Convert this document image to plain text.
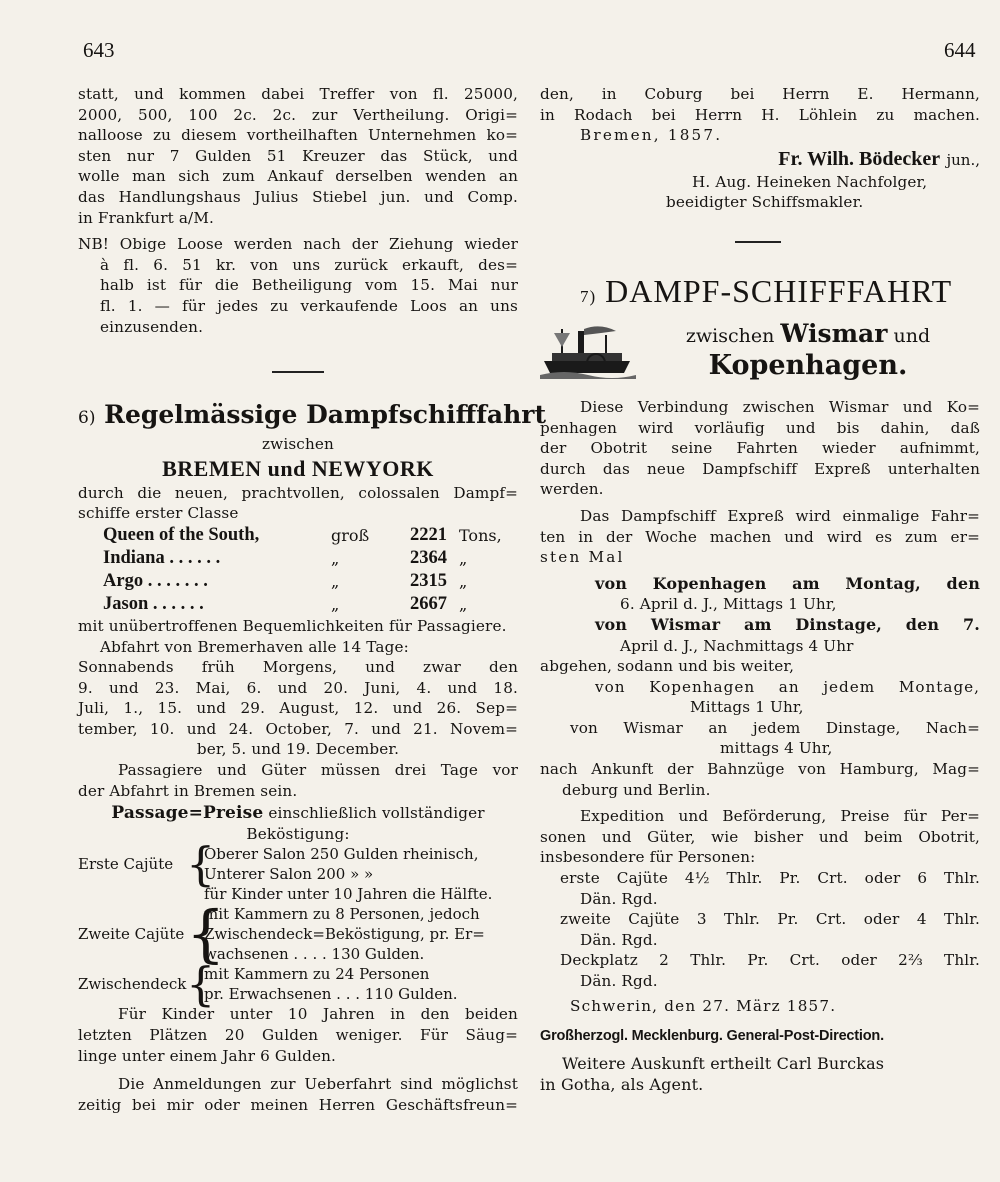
643	644
statt, und kommen dabei Treffer von fl. 25000,
2000, 500, 100 2c. 2c. zur Vertheilung. Origi=
nalloose zu diesem vortheilhaften Unternehmen ko=
sten nur 7 Gulden 51 Kreuzer das Stück, und
wolle man sich zum Ankauf derselben wenden an
das Handlungshaus Julius Stiebel jun. und Comp.
in Frankfurt a/M.
NB! Obige Loose werden nach der Ziehung wieder
à fl. 6. 51 kr. von uns zurück erkauft, des=
halb ist für die Betheiligung vom 15. Mai nur
fl. 1. — für jedes zu verkaufende Loos an uns
einzusenden.
6) Regelmässige Dampfschifffahrt
zwischen
BREMEN und NEWYORK
durch die neuen, prachtvollen, colossalen Dampf=
schiffe erster Classe
Queen of the South,	groß	2221 Tons,
Indiana . . . . . .	„	2364 „
Argo . . . . . . .	„	2315 „
Jason . . . . . .	„	2667 „
mit unübertroffenen Bequemlichkeiten für Passagiere.
Abfahrt von Bremerhaven alle 14 Tage:
Sonnabends früh Morgens, und zwar den
9. und 23. Mai, 6. und 20. Juni, 4. und 18.
Juli, 1., 15. und 29. August, 12. und 26. Sep=
tember, 10. und 24. October, 7. und 21. Novem=
ber, 5. und 19. December.
Passagiere und Güter müssen drei Tage vor
der Abfahrt in Bremen sein.
Passage=Preise einschließlich vollständiger
Beköstigung:
Erste Cajüte {
Oberer Salon 250 Gulden rheinisch,
Unterer Salon 200 » »
für Kinder unter 10 Jahren die Hälfte.
Zweite Cajüte {
mit Kammern zu 8 Personen, jedoch
Zwischendeck=Beköstigung, pr. Er=
wachsenen . . . . 130 Gulden.
Zwischendeck {
mit Kammern zu 24 Personen
pr. Erwachsenen . . . 110 Gulden.
Für Kinder unter 10 Jahren in den beiden
letzten Plätzen 20 Gulden weniger. Für Säug=
linge unter einem Jahr 6 Gulden.
Die Anmeldungen zur Ueberfahrt sind möglichst
zeitig bei mir oder meinen Herren Geschäftsfreun=
den, in Coburg bei Herrn E. Hermann,
in Rodach bei Herrn H. Löhlein zu machen.
Bremen, 1857.
Fr. Wilh. Bödecker jun.,
H. Aug. Heineken Nachfolger,
beeidigter Schiffsmakler.
7) DAMPF-SCHIFFFAHRT
zwischen Wismar und
Kopenhagen.
Diese Verbindung zwischen Wismar und Ko=
penhagen wird vorläufig und bis dahin, daß
der Obotrit seine Fahrten wieder aufnimmt,
durch das neue Dampfschiff Expreß unterhalten
werden.
Das Dampfschiff Expreß wird einmalige Fahr=
ten in der Woche machen und wird es zum er=
sten Mal
von Kopenhagen am Montag, den
6. April d. J., Mittags 1 Uhr,
von Wismar am Dinstage, den 7.
April d. J., Nachmittags 4 Uhr
abgehen, sodann und bis weiter,
von Kopenhagen an jedem Montage,
Mittags 1 Uhr,
von Wismar an jedem Dinstage, Nach=
mittags 4 Uhr,
nach Ankunft der Bahnzüge von Hamburg, Mag=
deburg und Berlin.
Expedition und Beförderung, Preise für Per=
sonen und Güter, wie bisher und beim Obotrit,
insbesondere für Personen:
erste Cajüte 4½ Thlr. Pr. Crt. oder 6 Thlr.
Dän. Rgd.
zweite Cajüte 3 Thlr. Pr. Crt. oder 4 Thlr.
Dän. Rgd.
Deckplatz 2 Thlr. Pr. Crt. oder 2⅔ Thlr.
Dän. Rgd.
Schwerin, den 27. März 1857.
Großherzogl. Mecklenburg. General-Post-Direction.
Weitere Auskunft ertheilt Carl Burckas
in Gotha, als Agent.
